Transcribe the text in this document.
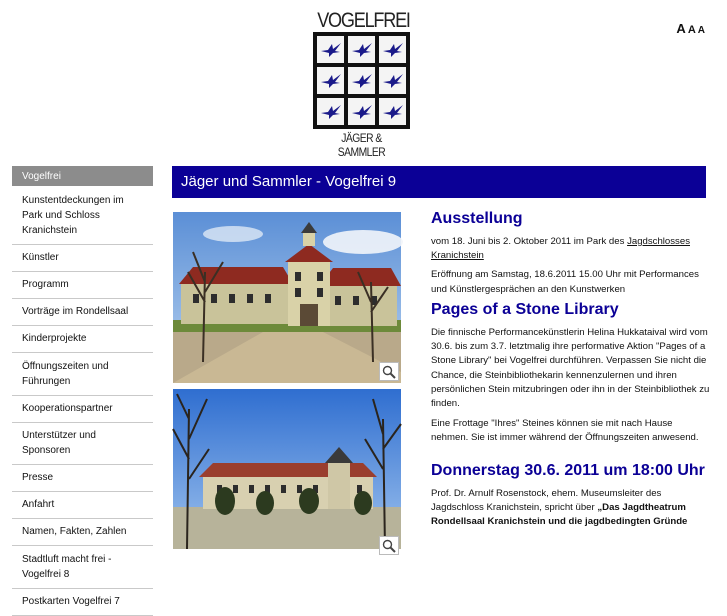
VOGELFREI
JÄGER & SAMMLER
A A A
Vogelfrei
Kunstentdeckungen im Park und Schloss Kranichstein
Künstler
Programm
Vorträge im Rondellsaal
Kinderprojekte
Öffnungszeiten und Führungen
Kooperationspartner
Unterstützer und Sponsoren
Presse
Anfahrt
Namen, Fakten, Zahlen
Stadtluft macht frei - Vogelfrei 8
Postkarten Vogelfrei 7
Jäger und Sammler - Vogelfrei 9
Ausstellung

vom 18. Juni bis 2. Oktober 2011 im Park des Jagdschlosses Kranichstein

Eröffnung am Samstag, 18.6.2011 15.00 Uhr mit Performances und Künstlergesprächen an den Kunstwerken

Pages of a Stone Library

Die finnische Performancekünstlerin Helina Hukkataival wird vom 30.6. bis zum 3.7. letztmalig ihre performative Aktion "Pages of a Stone Library" bei Vogelfrei durchführen. Verpassen Sie nicht die Chance, die Steinbibliothekarin kennenzulernen und ihren persönlichen Stein mitzubringen oder ihn in der Steinbibliothek zu finden.

Eine Frottage "Ihres" Steines können sie mit nach Hause nehmen. Sie ist immer während der Öffnungszeiten anwesend.

Donnerstag 30.6. 2011 um 18:00 Uhr

Prof. Dr. Arnulf Rosenstock, ehem. Museumsleiter des Jagdschloss Kranichstein, spricht über „Das Jagdtheatrum Rondellsaal Kranichstein und die jagdbedingten Gründe
